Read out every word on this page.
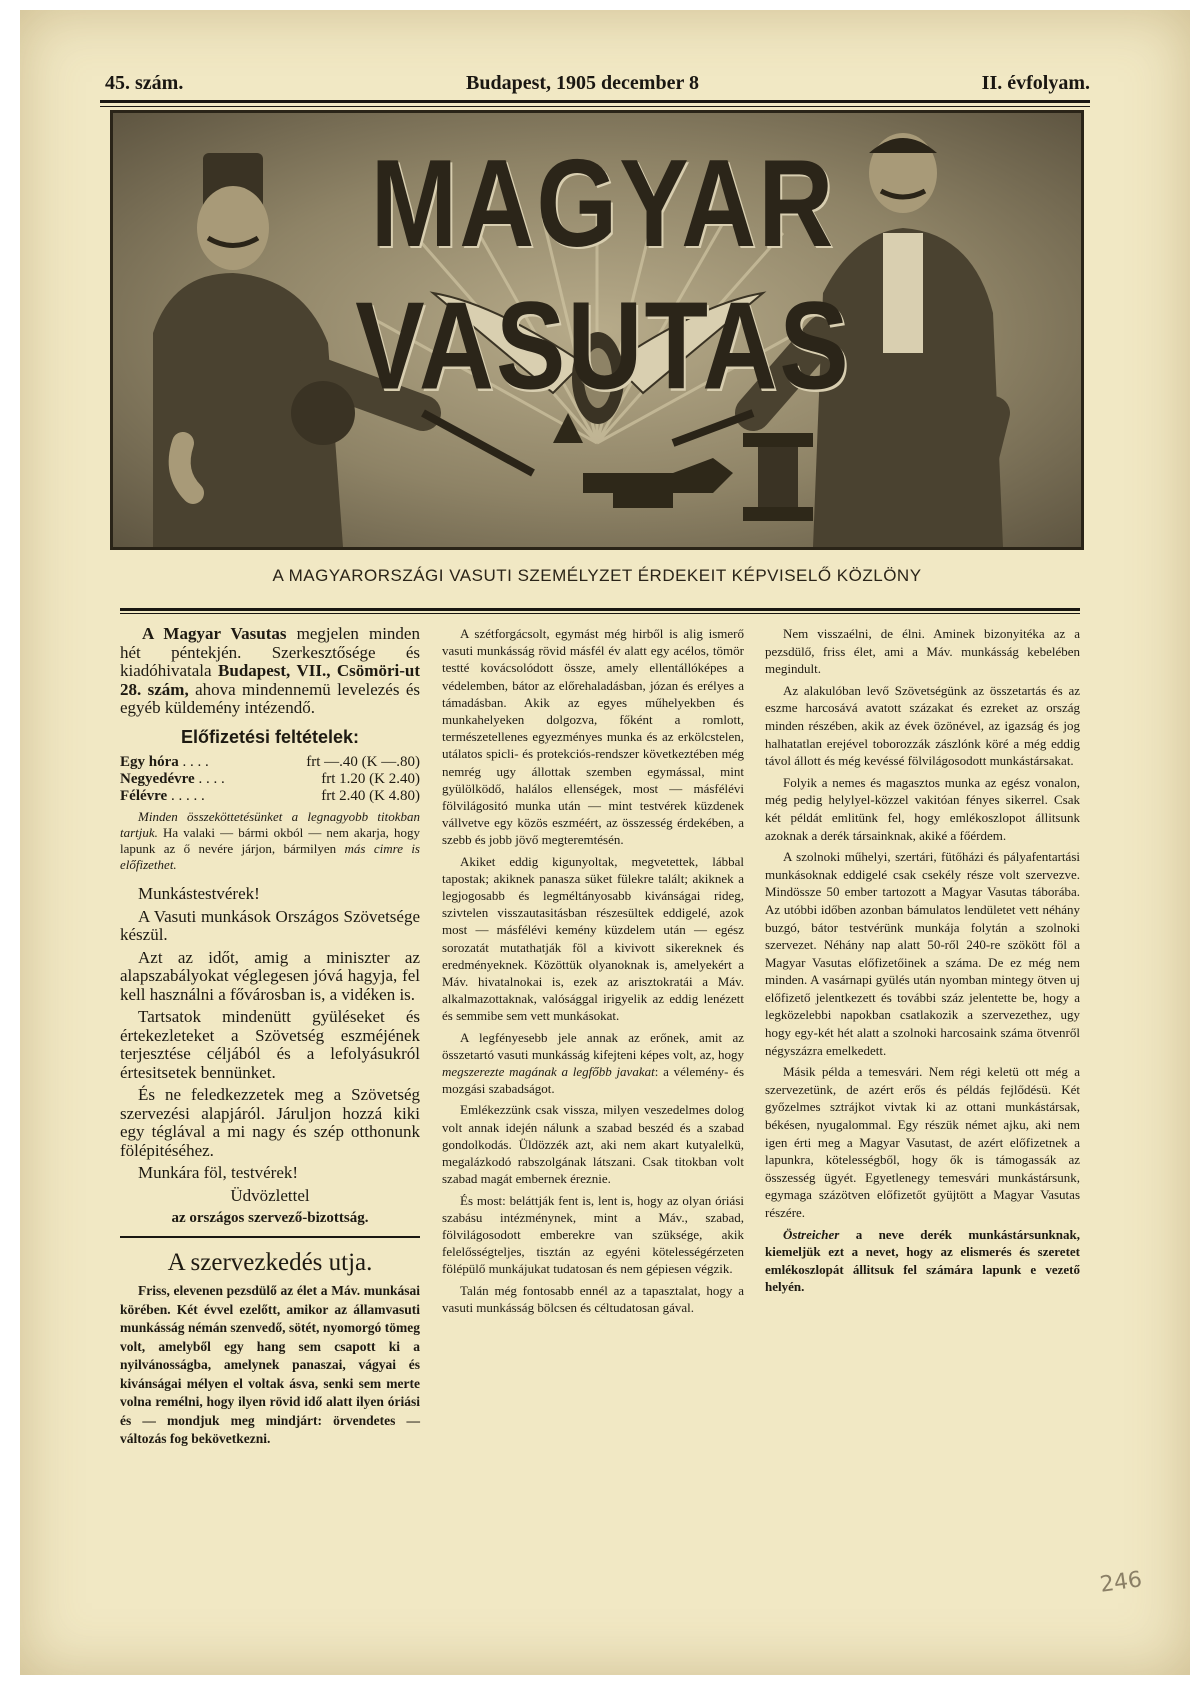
45. szám.	Budapest, 1905 december 8	II. évfolyam.
MAGYAR VASUTAS
A MAGYARORSZÁGI VASUTI SZEMÉLYZET ÉRDEKEIT KÉPVISELŐ KÖZLÖNY

A Magyar Vasutas megjelen minden hét péntekjén. Szerkesztősége és kiadóhivatala Budapest, VII., Csömöri-ut 28. szám, ahova mindennemü levelezés és egyéb küldemény intézendő.

Előfizetési feltételek:

Egy hóra . . . .	frt —.40 (K —.80)
Negyedévre . . . .	frt 1.20 (K 2.40)
Félévre . . . . .	frt 2.40 (K 4.80)

Minden összeköttetésünket a legnagyobb titokban tartjuk. Ha valaki — bármi okból — nem akarja, hogy lapunk az ő nevére járjon, bármilyen más cimre is előfizethet.

Munkástestvérek!

A Vasuti munkások Országos Szövetsége készül.

Azt az időt, amig a miniszter az alapszabályokat véglegesen jóvá hagyja, fel kell használni a fővárosban is, a vidéken is.

Tartsatok mindenütt gyüléseket és értekezleteket a Szövetség eszméjének terjesztése céljából és a lefolyásukról értesitsetek bennünket.

És ne feledkezzetek meg a Szövetség szervezési alapjáról. Járuljon hozzá kiki egy téglával a mi nagy és szép otthonunk fölépitéséhez.

Munkára föl, testvérek!

Üdvözlettel

az országos szervező-bizottság.

A szervezkedés utja.

Friss, elevenen pezsdülő az élet a Máv. munkásai körében. Két évvel ezelőtt, amikor az államvasuti munkásság némán szenvedő, sötét, nyomorgó tömeg volt, amelyből egy hang sem csapott ki a nyilvánosságba, amelynek panaszai, vágyai és kivánságai mélyen el voltak ásva, senki sem merte volna remélni, hogy ilyen rövid idő alatt ilyen óriási és — mondjuk meg mindjárt: örvendetes — változás fog bekövetkezni.

A szétforgácsolt, egymást még hirből is alig ismerő vasuti munkásság rövid másfél év alatt egy acélos, tömör testté kovácsolódott össze, amely ellentállóképes a védelemben, bátor az előrehaladásban, józan és erélyes a támadásban. Akik az egyes műhelyekben és munkahelyeken dolgozva, főként a romlott, természetellenes egyezményes munka és az erkölcstelen, utálatos spicli- és protekciós-rendszer következtében még nemrég ugy állottak szemben egymással, mint gyülölködő, halálos ellenségek, most — másfélévi fölvilágositó munka után — mint testvérek küzdenek vállvetve egy közös eszméért, az összesség érdekében, a szebb és jobb jövő megteremtésén.

Akiket eddig kigunyoltak, megvetettek, lábbal tapostak; akiknek panasza süket fülekre talált; akiknek a legjogosabb és legméltányosabb kivánságai rideg, szivtelen visszautasitásban részesültek eddigelé, azok most — másfélévi kemény küzdelem után — egész sorozatát mutathatják föl a kivivott sikereknek és eredményeknek. Közöttük olyanoknak is, amelyekért a Máv. hivatalnokai is, ezek az arisztokratái a Máv. alkalmazottaknak, valósággal irigyelik az eddig lenézett és semmibe sem vett munkásokat.

A legfényesebb jele annak az erőnek, amit az összetartó vasuti munkásság kifejteni képes volt, az, hogy megszerezte magának a legfőbb javakat: a vélemény- és mozgási szabadságot.

Emlékezzünk csak vissza, milyen veszedelmes dolog volt annak idején nálunk a szabad beszéd és a szabad gondolkodás. Üldözzék azt, aki nem akart kutyalelkü, megalázkodó rabszolgának látszani. Csak titokban volt szabad magát embernek éreznie.

És most: beláttják fent is, lent is, hogy az olyan óriási szabásu intézménynek, mint a Máv., szabad, fölvilágosodott emberekre van szüksége, akik felelősségteljes, tisztán az egyéni kötelességérzeten fölépülő munkájukat tudatosan és nem gépiesen végzik.

Talán még fontosabb ennél az a tapasztalat, hogy a vasuti munkásság bölcsen és céltudatosan gával.

Nem visszaélni, de élni. Aminek bizonyitéka az a pezsdülő, friss élet, ami a Máv. munkásság kebelében megindult.

Az alakulóban levő Szövetségünk az összetartás és az eszme harcosává avatott százakat és ezreket az ország minden részében, akik az évek özönével, az igazság és jog halhatatlan erejével toborozzák zászlónk köré a még eddig távol állott és még kevéssé fölvilágosodott munkástársakat.

Folyik a nemes és magasztos munka az egész vonalon, még pedig helylyel-közzel vakitóan fényes sikerrel. Csak két példát emlitünk fel, hogy emlékoszlopot állitsunk azoknak a derék társainknak, akiké a főérdem.

A szolnoki műhelyi, szertári, fütőházi és pályafentartási munkásoknak eddigelé csak csekély része volt szervezve. Mindössze 50 ember tartozott a Magyar Vasutas táborába. Az utóbbi időben azonban bámulatos lendületet vett néhány buzgó, bátor testvérünk munkája folytán a szolnoki szervezet. Néhány nap alatt 50-ről 240-re szökött föl a Magyar Vasutas előfizetőinek a száma. De ez még nem minden. A vasárnapi gyülés után nyomban mintegy ötven uj előfizető jelentkezett és további száz jelentette be, hogy a legközelebbi napokban csatlakozik a szervezethez, ugy hogy egy-két hét alatt a szolnoki harcosaink száma ötvenről négyszázra emelkedett.

Másik példa a temesvári. Nem régi keletü ott még a szervezetünk, de azért erős és példás fejlődésü. Két győzelmes sztrájkot vivtak ki az ottani munkástársak, békésen, nyugalommal. Egy részük német ajku, aki nem igen érti meg a Magyar Vasutast, de azért előfizetnek a lapunkra, kötelességből, hogy ők is támogassák az összesség ügyét. Egyetlenegy temesvári munkástársunk, egymaga százötven előfizetőt gyüjtött a Magyar Vasutas részére.

Östreicher a neve derék munkástársunknak, kiemeljük ezt a nevet, hogy az elismerés és szeretet emlékoszlopát állitsuk fel számára lapunk e vezető helyén.

246
